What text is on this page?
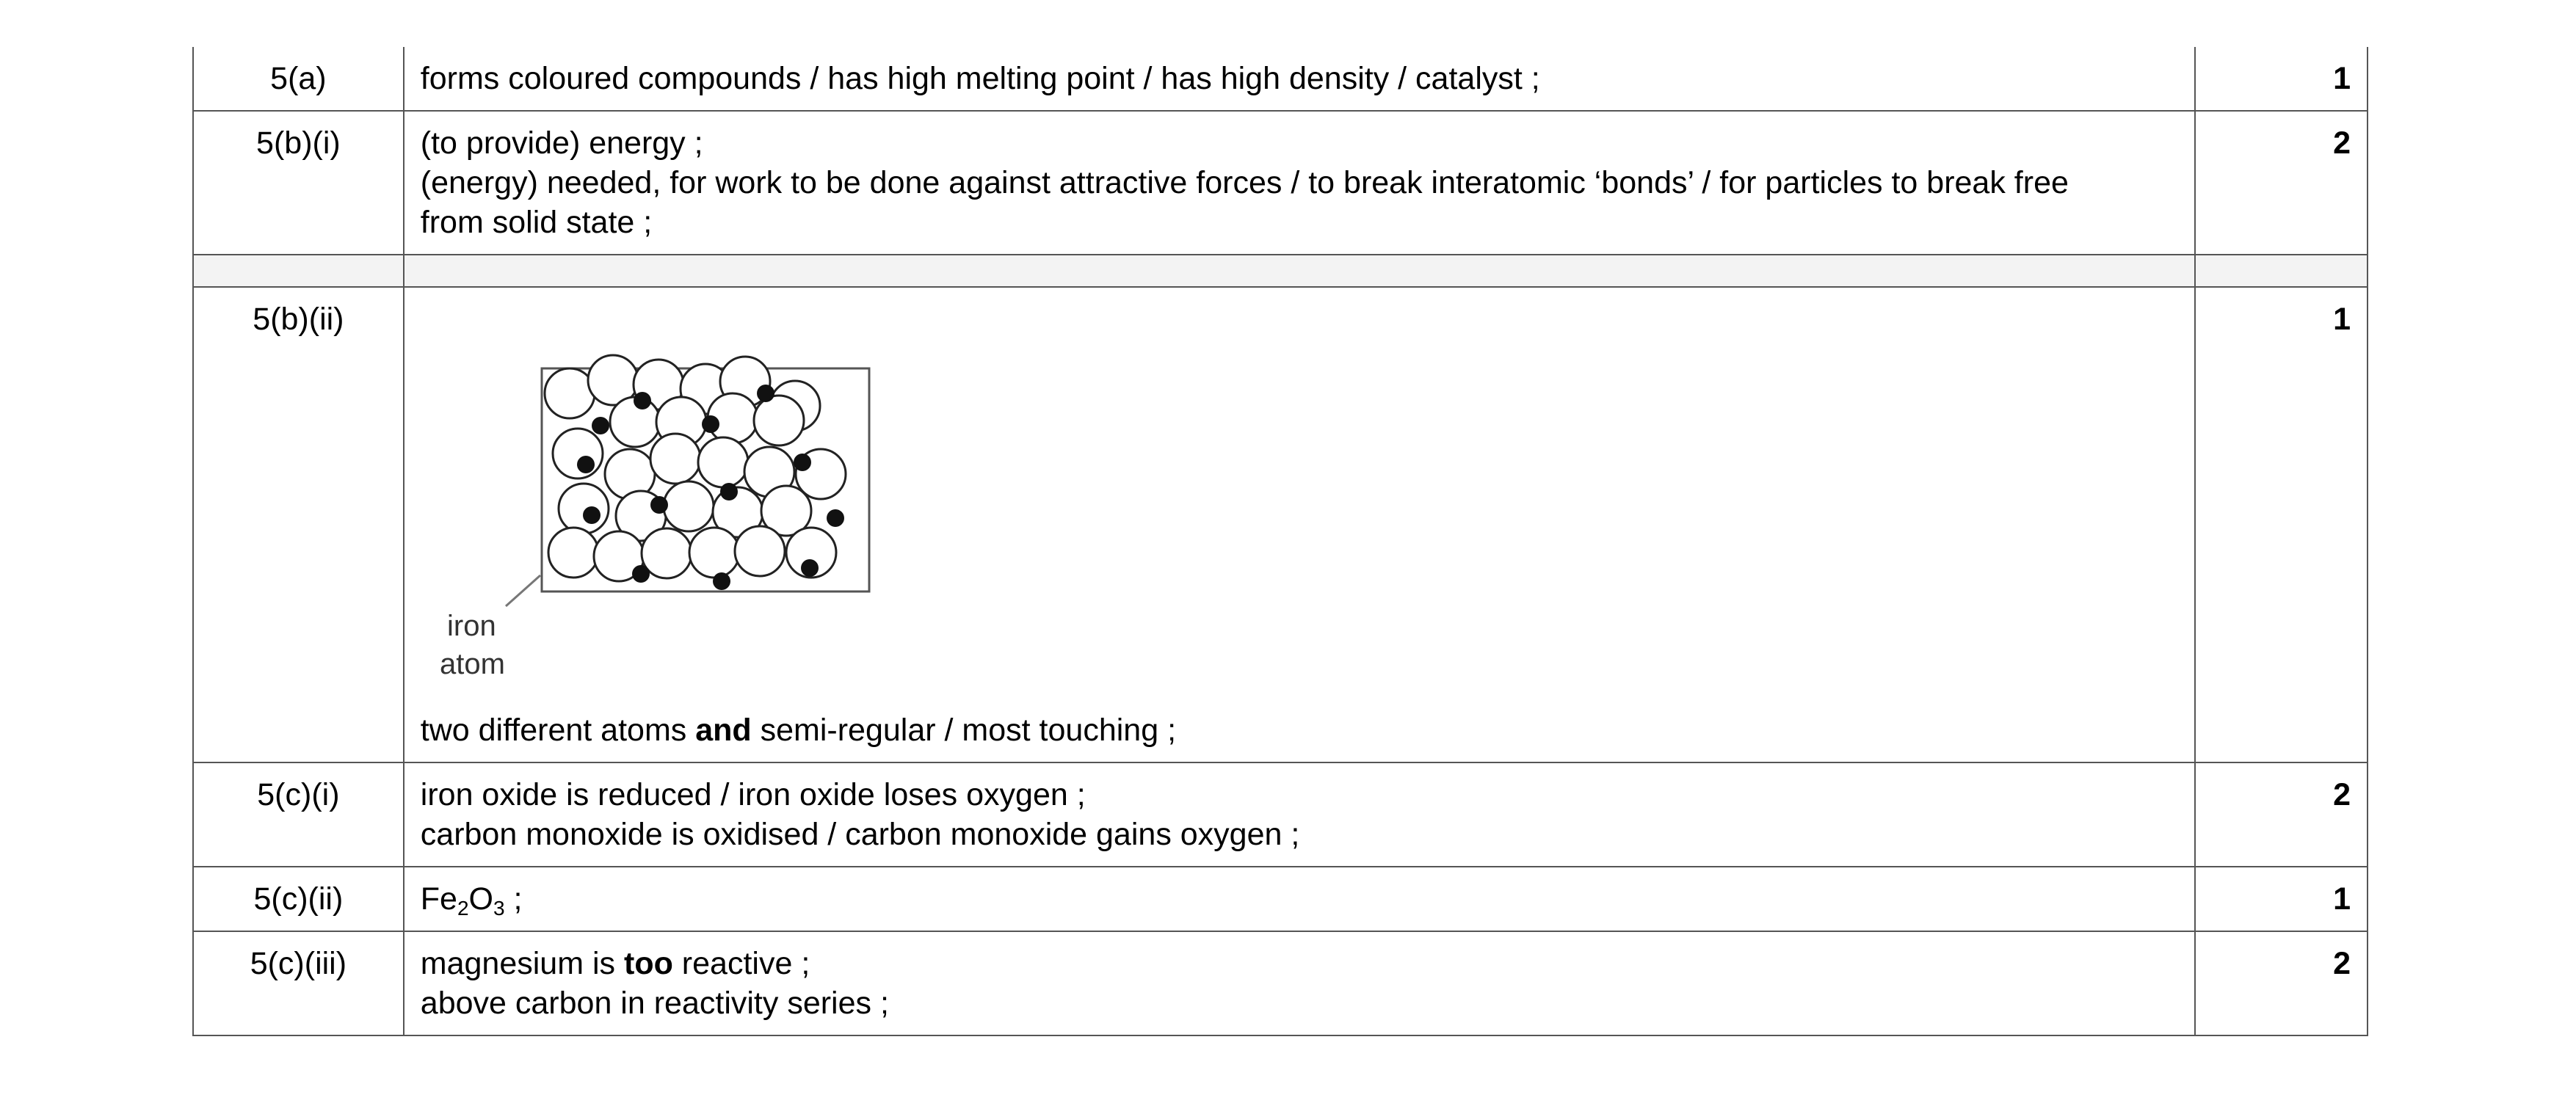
5(a)	forms coloured compounds / has high melting point / has high density / catalyst ;	1
5(b)(i)	(to provide) energy ;
(energy) needed, for work to be done against attractive forces / to break interatomic ‘bonds’ / for particles to break free
from solid state ;	2

5(b)(ii)	iron
atom
two different atoms and semi-regular / most touching ;	1
5(c)(i)	iron oxide is reduced / iron oxide loses oxygen ;
carbon monoxide is oxidised / carbon monoxide gains oxygen ;	2
5(c)(ii)	$Fe_2O_3$ ;	1
5(c)(iii)	magnesium is too reactive ;
above carbon in reactivity series ;	2
